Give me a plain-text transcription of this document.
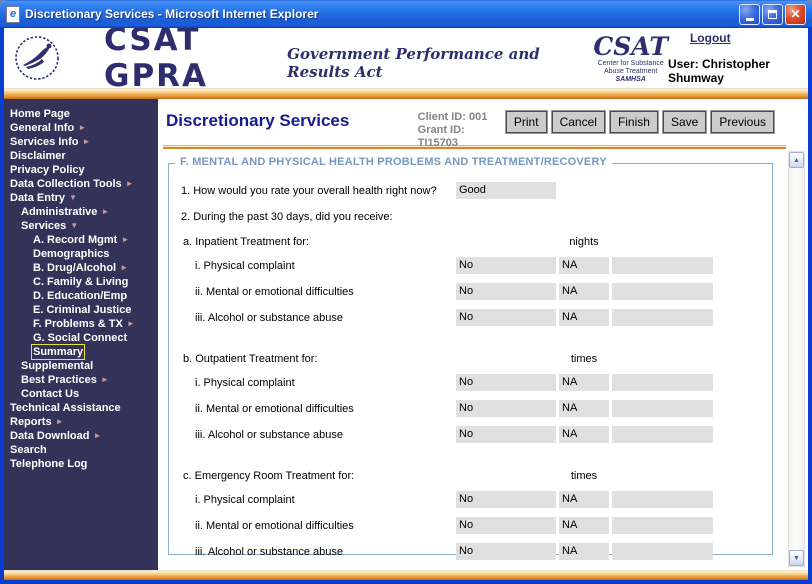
e Discretionary Services - Microsoft Internet Explorer	✕
CSAT GPRA
Government Performance and Results Act
CSAT
Center for Substance
Abuse Treatment
SAMHSA
Logout
User: Christopher Shumway
Home Page
General Info ►
Services Info ►
Disclaimer
Privacy Policy
Data Collection Tools ►
Data Entry ▼
Administrative ►
Services ▼
A. Record Mgmt ►
Demographics
B. Drug/Alcohol ►
C. Family & Living
D. Education/Emp
E. Criminal Justice
F. Problems & TX ►
G. Social Connect
Summary
Supplemental
Best Practices ►
Contact Us
Technical Assistance
Reports ►
Data Download ►
Search
Telephone Log
Discretionary Services	Client ID: 001
Grant ID: TI15703
Print	Cancel	Finish	Save	Previous
F. MENTAL AND PHYSICAL HEALTH PROBLEMS AND TREATMENT/RECOVERY
1. How would you rate your overall health right now?	Good
2. During the past 30 days, did you receive:
a. Inpatient Treatment for:	nights
i. Physical complaint	No	NA
ii. Mental or emotional difficulties	No	NA
iii. Alcohol or substance abuse	No	NA
b. Outpatient Treatment for:	times
i. Physical complaint	No	NA
ii. Mental or emotional difficulties	No	NA
iii. Alcohol or substance abuse	No	NA
c. Emergency Room Treatment for:	times
i. Physical complaint	No	NA
ii. Mental or emotional difficulties	No	NA
iii. Alcohol or substance abuse	No	NA
▲
▼
